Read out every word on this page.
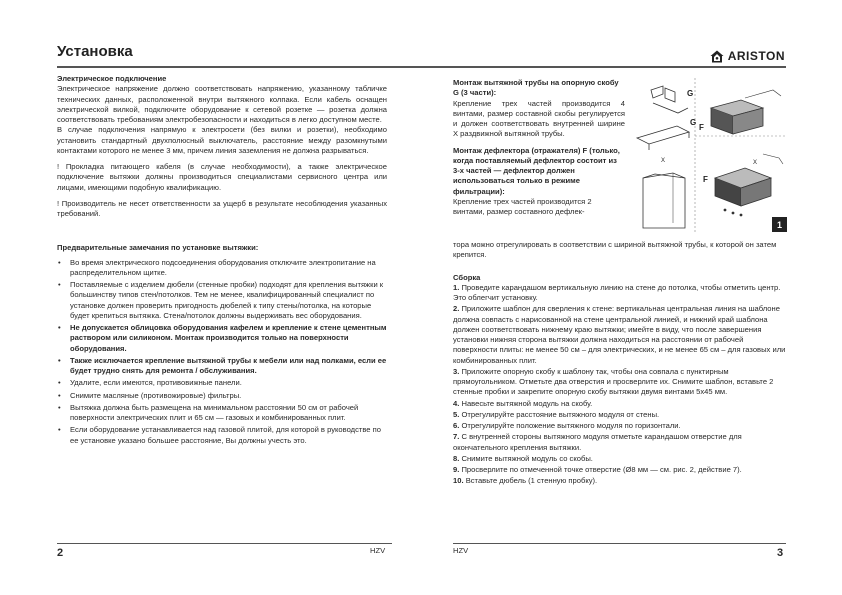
Установка	ARISTON

Электрическое подключение

Электрическое напряжение должно соответствовать напряжению, указанному табличке технических данных, расположенной внутри вытяжного колпака. Если кабель оснащен электрической вилкой, подключите оборудование к сетевой розетке — розетка должна соответствовать требованиям электробезопасности и находиться в легко доступном месте.

В случае подключения напрямую к электросети (без вилки и розетки), необходимо установить стандартный двухполюсный выключатель, расстояние между разомкнутыми контактами которого не менее 3 мм, причем линия заземления не должна разрываться.

! Прокладка питающего кабеля (в случае необходимости), а также электрическое подключение вытяжки должны производиться специалистами сервисного центра или лицами, имеющими подобную квалификацию.

! Производитель не несет ответственности за ущерб в результате несоблюдения указанных требований.

Предварительные замечания по установке вытяжки:

• Во время электрического подсоединения оборудования отключите электропитание на распределительном щитке.
• Поставляемые с изделием дюбели (стенные пробки) подходят для крепления вытяжки к большинству типов стен/потолков. Тем не менее, квалифицированный специалист по установке должен проверить пригодность дюбелей к типу стены/потолка, на которые будет крепиться вытяжка. Стена/потолок должны выдерживать вес оборудования.
• Не допускается облицовка оборудования кафелем и крепление к стене цементным раствором или силиконом. Монтаж производится только на поверхности оборудования.
• Также исключается крепление вытяжной трубы к мебели или над полками, если ее будет трудно снять для ремонта / обслуживания.
• Удалите, если имеются, противовижные панели.
• Снимите масляные (противожировые) фильтры.
• Вытяжка должна быть размещена на минимальном расстоянии 50 см от рабочей поверхности электрических плит и 65 см — газовых и комбинированных плит.
• Если оборудование устанавливается над газовой плитой, для которой в руководстве по ее установке указано большее расстояние, Вы должны учесть это.
2	HZV

Монтаж вытяжной трубы на опорную скобу G (3 части):

Крепление трех частей производится 4 винтами, размер составной скобы регулируется и должен соответствовать внутренней ширине X раздвижной вытяжной трубы.

Монтаж дефлектора (отражателя) F (только, когда поставляемый дефлектор состоит из 3-х частей — дефлектор должен использоваться только в режиме фильтрации):

Крепление трех частей производится 2 винтами, размер составного дефлек-

тора можно отрегулировать в соответствии с шириной вытяжной трубы, к которой он затем крепится.

Сборка

1. Проведите карандашом вертикальную линию на стене до потолка, чтобы отметить центр. Это облегчит установку.

2. Приложите шаблон для сверления к стене: вертикальная центральная линия на шаблоне должна совпасть с нарисованной на стене центральной линией, и нижний край шаблона должен соответствовать нижнему краю вытяжки; имейте в виду, что после завершения установки нижняя сторона вытяжки должна находиться на расстоянии от рабочей поверхности плиты: не менее 50 см – для электрических, и не менее 65 см – для газовых или комбинированных плит.

3. Приложите опорную скобу к шаблону так, чтобы она совпала с пунктирным прямоугольником. Отметьте два отверстия и просверлите их. Снимите шаблон, вставьте 2 стенные пробки и закрепите опорную скобу вытяжки двумя винтами 5x45 мм.

4. Навесьте вытяжной модуль на скобу.

5. Отрегулируйте расстояние вытяжного модуля от стены.

6. Отрегулируйте положение вытяжного модуля по горизонтали.

7. С внутренней стороны вытяжного модуля отметьте карандашом отверстие для окончательного крепления вытяжки.

8. Снимите вытяжной модуль со скобы.

9. Просверлите по отмеченной точке отверстие (Ø8 мм — см. рис. 2, действие 7).

10. Вставьте дюбель (1 стенную пробку).

G
G
F
F
X	X
1
HZV	3
